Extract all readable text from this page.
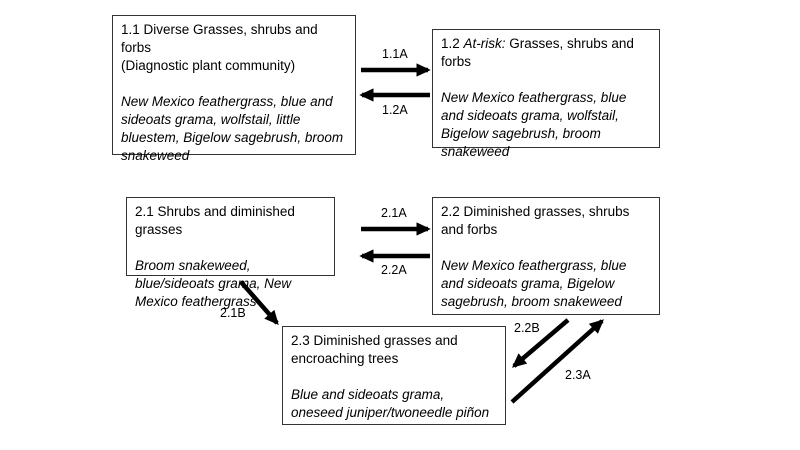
1.1 Diverse Grasses, shrubs and forbs
(Diagnostic plant community)
New Mexico feathergrass, blue and sideoats grama, wolfstail, little bluestem, Bigelow sagebrush, broom snakeweed
1.2 At-risk: Grasses, shrubs and forbs
New Mexico feathergrass, blue and sideoats grama, wolfstail, Bigelow sagebrush, broom snakeweed
2.1 Shrubs and diminished grasses
Broom snakeweed, blue/sideoats grama, New Mexico feathergrass
2.2 Diminished grasses, shrubs and forbs
New Mexico feathergrass, blue and sideoats grama, Bigelow sagebrush, broom snakeweed
2.3 Diminished grasses and encroaching trees
Blue and sideoats grama, oneseed juniper/twoneedle piñon
1.1A
1.2A
2.1A
2.2A
2.1B
2.2B
2.3A
